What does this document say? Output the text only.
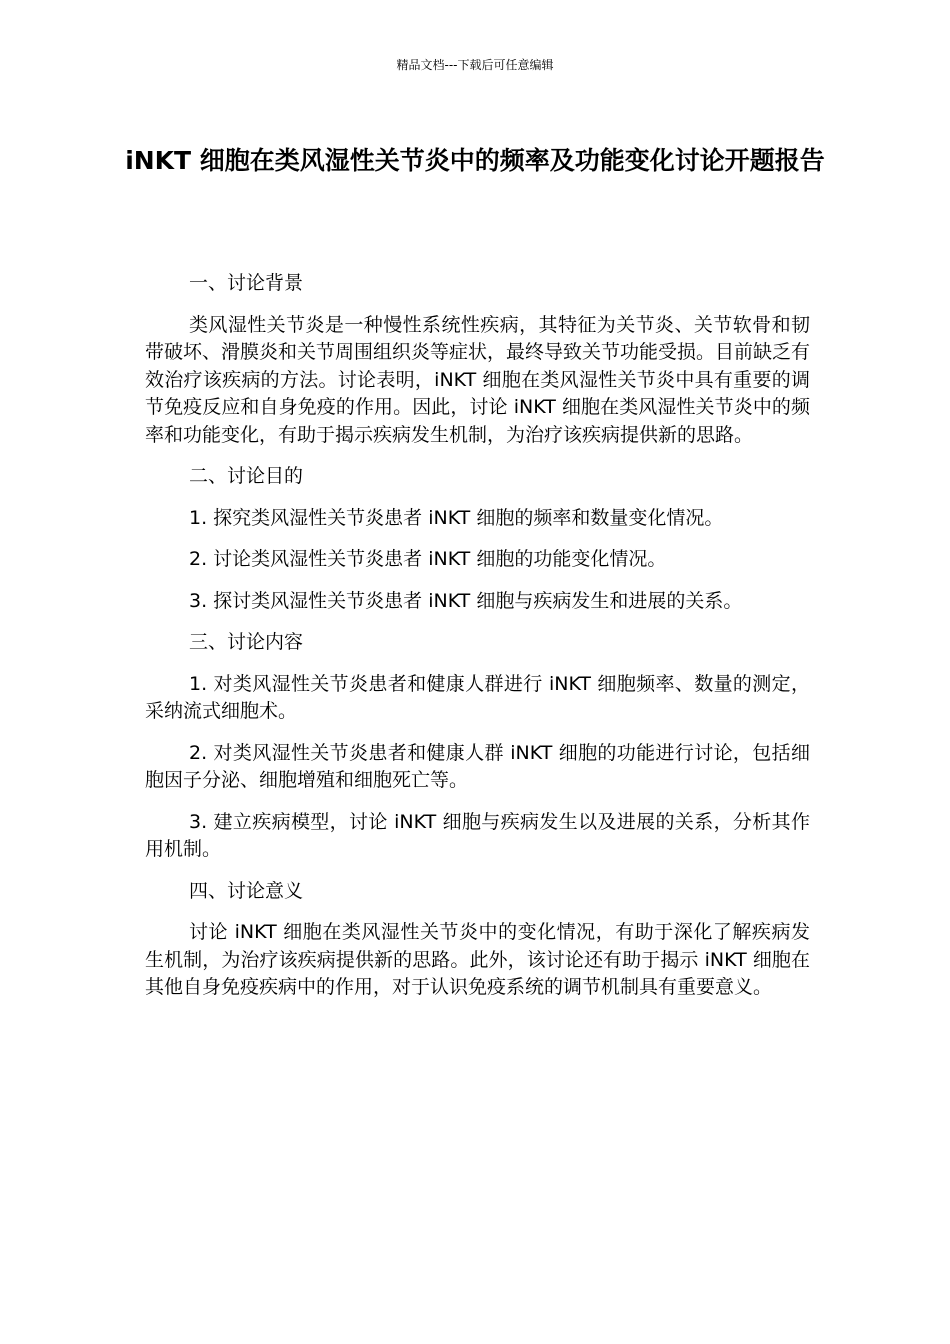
精品文档---下载后可任意编辑
iNKT 细胞在类风湿性关节炎中的频率及功能变化讨论开题报告

一、讨论背景

类风湿性关节炎是一种慢性系统性疾病，其特征为关节炎、关节软骨和韧带破坏、滑膜炎和关节周围组织炎等症状，最终导致关节功能受损。目前缺乏有效治疗该疾病的方法。讨论表明，iNKT 细胞在类风湿性关节炎中具有重要的调节免疫反应和自身免疫的作用。因此，讨论 iNKT 细胞在类风湿性关节炎中的频率和功能变化，有助于揭示疾病发生机制，为治疗该疾病提供新的思路。

二、讨论目的

1. 探究类风湿性关节炎患者 iNKT 细胞的频率和数量变化情况。

2. 讨论类风湿性关节炎患者 iNKT 细胞的功能变化情况。

3. 探讨类风湿性关节炎患者 iNKT 细胞与疾病发生和进展的关系。

三、讨论内容

1. 对类风湿性关节炎患者和健康人群进行 iNKT 细胞频率、数量的测定，采纳流式细胞术。

2. 对类风湿性关节炎患者和健康人群 iNKT 细胞的功能进行讨论，包括细胞因子分泌、细胞增殖和细胞死亡等。

3. 建立疾病模型，讨论 iNKT 细胞与疾病发生以及进展的关系，分析其作用机制。

四、讨论意义

讨论 iNKT 细胞在类风湿性关节炎中的变化情况，有助于深化了解疾病发生机制，为治疗该疾病提供新的思路。此外，该讨论还有助于揭示 iNKT 细胞在其他自身免疫疾病中的作用，对于认识免疫系统的调节机制具有重要意义。
